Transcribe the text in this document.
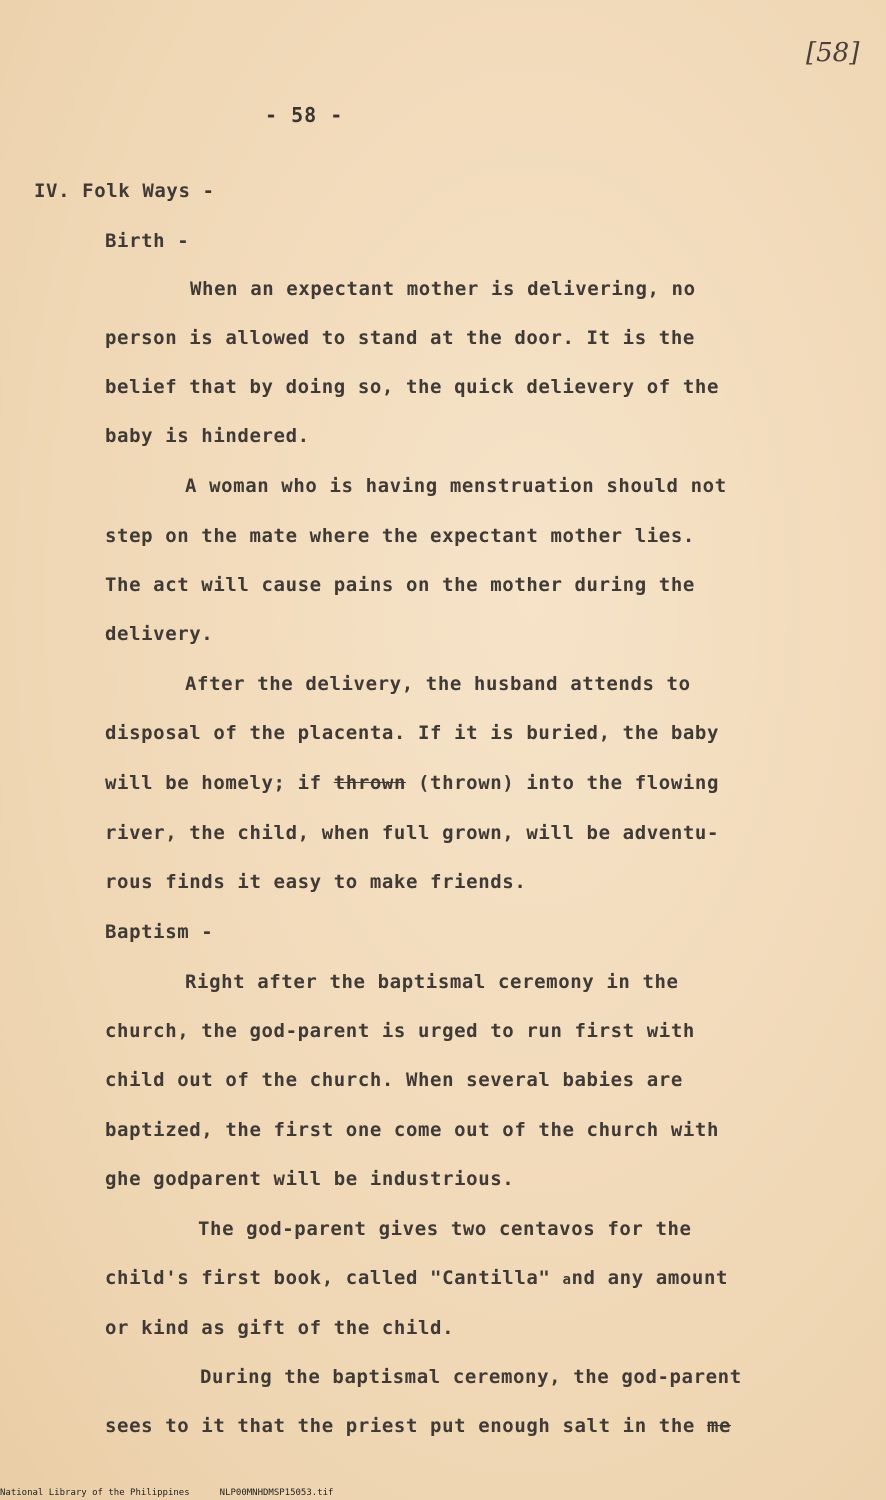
[58]
- 58 -
IV. Folk Ways -
Birth -
When an expectant mother is delivering, no
person is allowed to stand at the door. It is the
belief that by doing so, the quick delievery of the
baby is hindered.
A woman who is having menstruation should not
step on the mate where the expectant mother lies.
The act will cause pains on the mother during the
delivery.
After the delivery, the husband attends to
disposal of the placenta. If it is buried, the baby
will be homely; if thrown (thrown) into the flowing
river, the child, when full grown, will be adventu-
rous finds it easy to make friends.
Baptism -
Right after the baptismal ceremony in the
church, the god-parent is urged to run first with
child out of the church. When several babies are
baptized, the first one come out of the church with
ghe godparent will be industrious.
The god-parent gives two centavos for the
child's first book, called "Cantilla" and any amount
or kind as gift of the child.
During the baptismal ceremony, the god-parent
sees to it that the priest put enough salt in the me
National Library of the Philippines	NLP00MNHDMSP15053.tif
